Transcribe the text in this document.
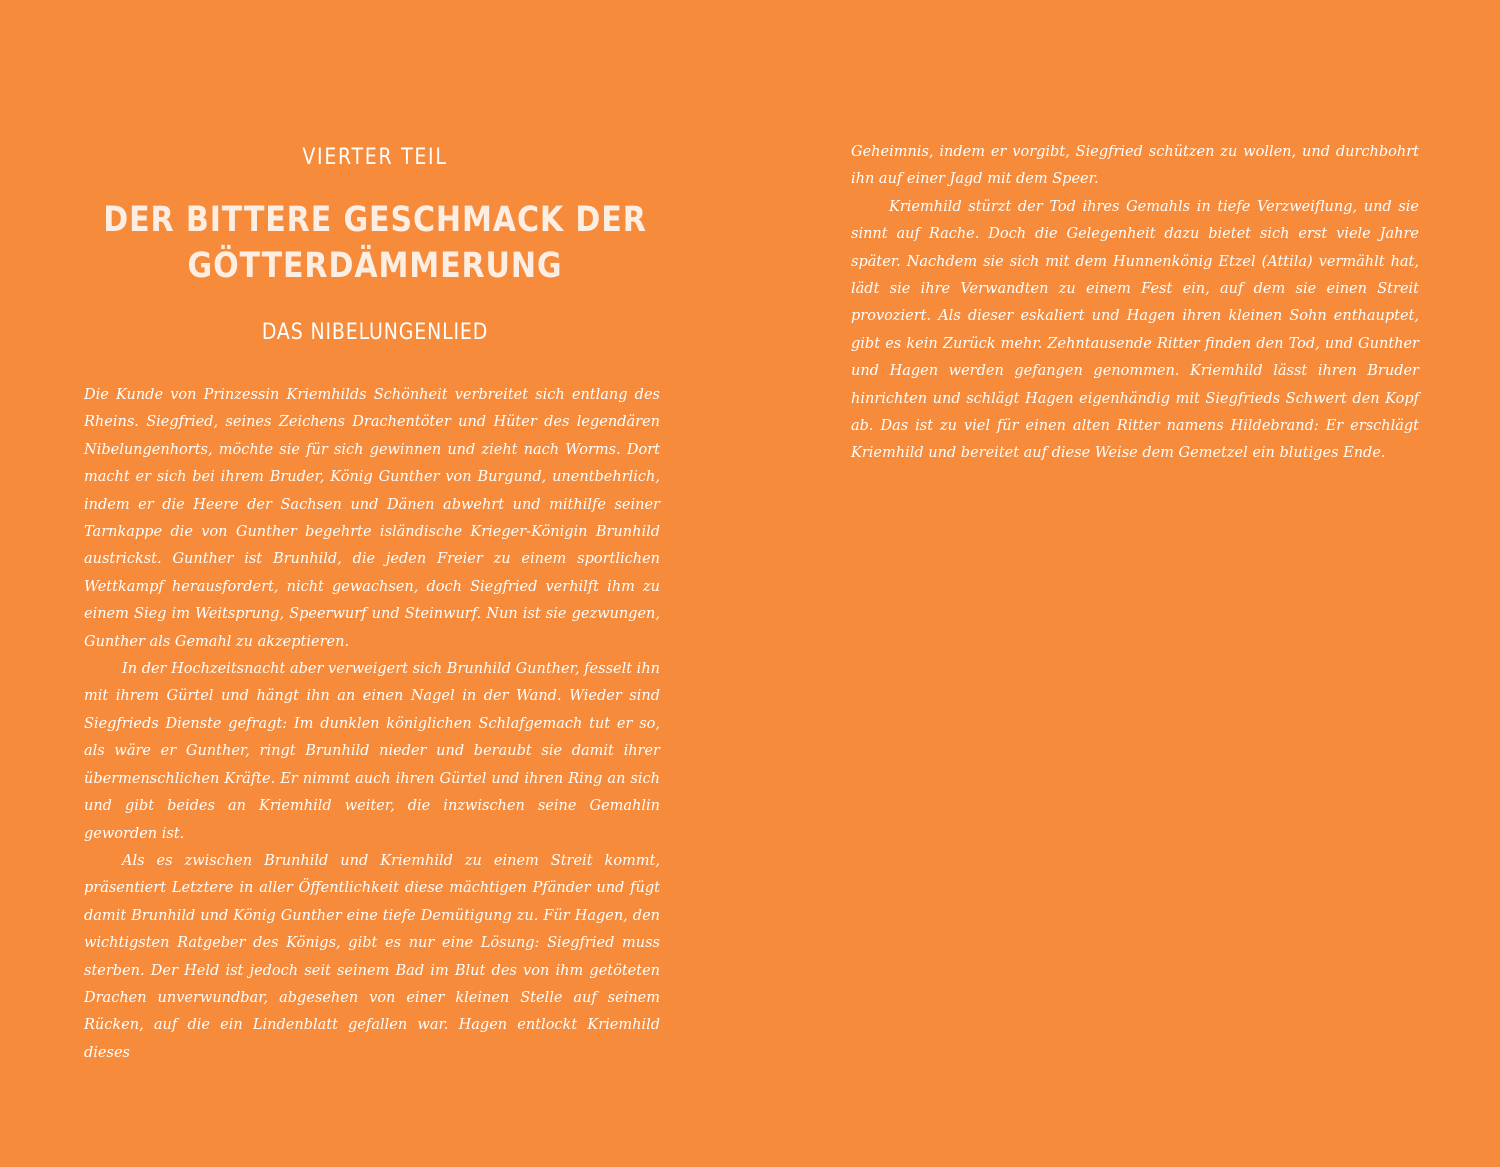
VIERTER TEIL
DER BITTERE GESCHMACK DER
GÖTTERDÄMMERUNG
DAS NIBELUNGENLIED

Die Kunde von Prinzessin Kriemhilds Schönheit verbreitet sich entlang des Rheins. Siegfried, seines Zeichens Drachentöter und Hüter des legendären Nibelungenhorts, möchte sie für sich gewinnen und zieht nach Worms. Dort macht er sich bei ihrem Bruder, König Gunther von Burgund, unentbehrlich, indem er die Heere der Sachsen und Dänen abwehrt und mithilfe seiner Tarnkappe die von Gunther begehrte isländische Krieger-Königin Brunhild austrickst. Gunther ist Brunhild, die jeden Freier zu einem sportlichen Wettkampf herausfordert, nicht gewachsen, doch Siegfried verhilft ihm zu einem Sieg im Weitsprung, Speerwurf und Steinwurf. Nun ist sie gezwungen, Gunther als Gemahl zu akzeptieren.

In der Hochzeitsnacht aber verweigert sich Brunhild Gunther, fesselt ihn mit ihrem Gürtel und hängt ihn an einen Nagel in der Wand. Wieder sind Siegfrieds Dienste gefragt: Im dunklen königlichen Schlafgemach tut er so, als wäre er Gunther, ringt Brunhild nieder und beraubt sie damit ihrer übermenschlichen Kräfte. Er nimmt auch ihren Gürtel und ihren Ring an sich und gibt beides an Kriemhild weiter, die inzwischen seine Gemahlin geworden ist.

Als es zwischen Brunhild und Kriemhild zu einem Streit kommt, präsentiert Letztere in aller Öffentlichkeit diese mächtigen Pfänder und fügt damit Brunhild und König Gunther eine tiefe Demütigung zu. Für Hagen, den wichtigsten Ratgeber des Königs, gibt es nur eine Lösung: Siegfried muss sterben. Der Held ist jedoch seit seinem Bad im Blut des von ihm getöteten Drachen unverwundbar, abgesehen von einer kleinen Stelle auf seinem Rücken, auf die ein Lindenblatt gefallen war. Hagen entlockt Kriemhild dieses

Geheimnis, indem er vorgibt, Siegfried schützen zu wollen, und durchbohrt ihn auf einer Jagd mit dem Speer.

Kriemhild stürzt der Tod ihres Gemahls in tiefe Verzweiflung, und sie sinnt auf Rache. Doch die Gelegenheit dazu bietet sich erst viele Jahre später. Nachdem sie sich mit dem Hunnenkönig Etzel (Attila) vermählt hat, lädt sie ihre Verwandten zu einem Fest ein, auf dem sie einen Streit provoziert. Als dieser eskaliert und Hagen ihren kleinen Sohn enthauptet, gibt es kein Zurück mehr. Zehntausende Ritter finden den Tod, und Gunther und Hagen werden gefangen genommen. Kriemhild lässt ihren Bruder hinrichten und schlägt Hagen eigenhändig mit Siegfrieds Schwert den Kopf ab. Das ist zu viel für einen alten Ritter namens Hildebrand: Er erschlägt Kriemhild und bereitet auf diese Weise dem Gemetzel ein blutiges Ende.
